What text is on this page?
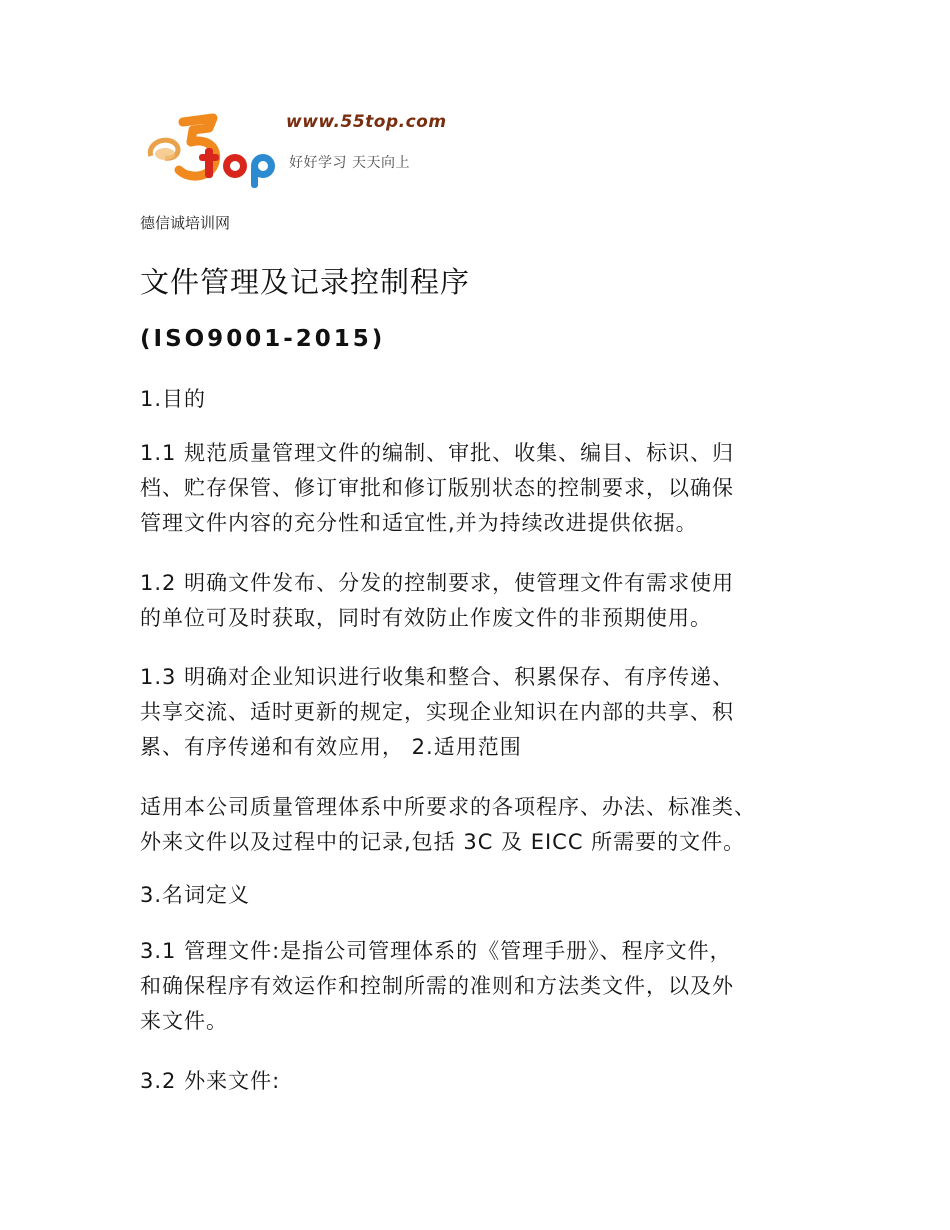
www.55top.com
好好学习 天天向上
德信诚培训网
文件管理及记录控制程序
(ISO9001-2015)
1.目的
1.1 规范质量管理文件的编制、审批、收集、编目、标识、归
档、贮存保管、修订审批和修订版别状态的控制要求，以确保
管理文件内容的充分性和适宜性,并为持续改进提供依据。
1.2 明确文件发布、分发的控制要求，使管理文件有需求使用
的单位可及时获取，同时有效防止作废文件的非预期使用。
1.3 明确对企业知识进行收集和整合、积累保存、有序传递、
共享交流、适时更新的规定，实现企业知识在内部的共享、积
累、有序传递和有效应用， 2.适用范围
适用本公司质量管理体系中所要求的各项程序、办法、标准类、
外来文件以及过程中的记录,包括 3C 及 EICC 所需要的文件。
3.名词定义
3.1 管理文件:是指公司管理体系的《管理手册》、程序文件，
和确保程序有效运作和控制所需的准则和方法类文件，以及外
来文件。
3.2 外来文件:
